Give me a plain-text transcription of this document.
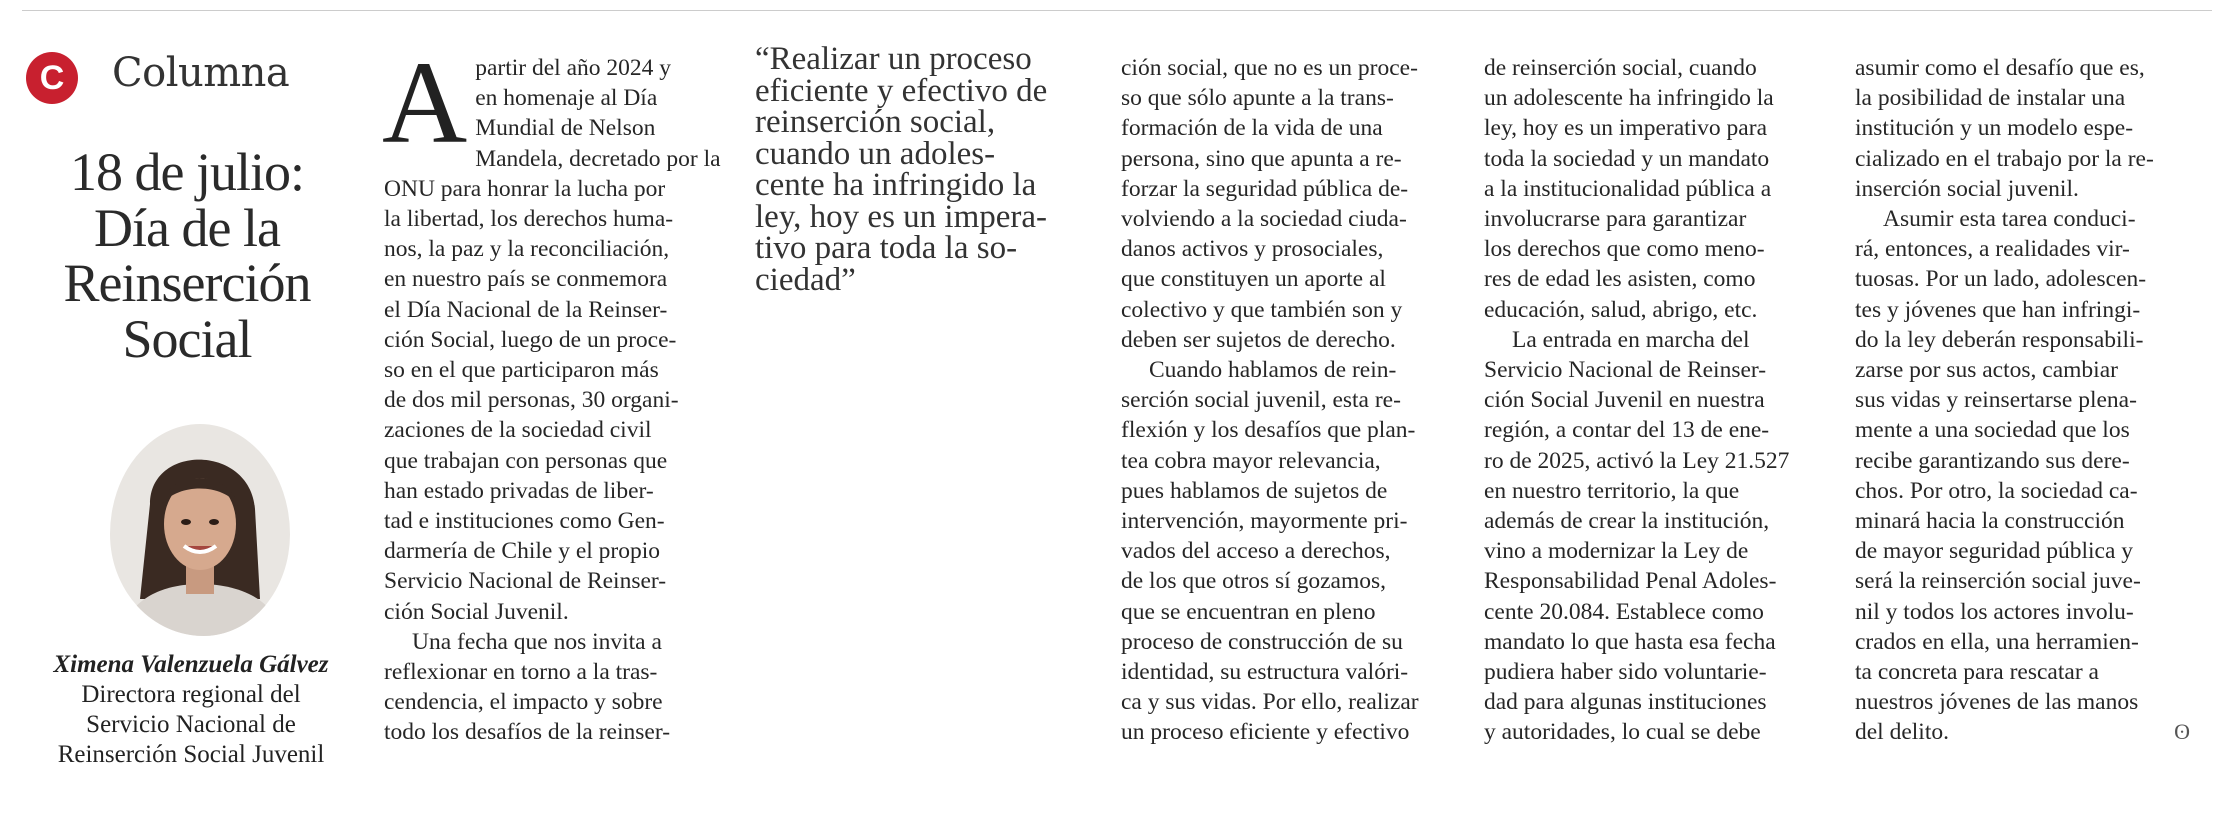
C	Columna
18 de julio:
Día de la
Reinserción
Social
Ximena Valenzuela Gálvez
Directora regional del
Servicio Nacional de
Reinserción Social Juvenil
A partir del año 2024 y
en homenaje al Día
Mundial de Nelson
Mandela, decretado por la
ONU para honrar la lucha por
la libertad, los derechos huma-
nos, la paz y la reconciliación,
en nuestro país se conmemora
el Día Nacional de la Reinser-
ción Social, luego de un proce-
so en el que participaron más
de dos mil personas, 30 organi-
zaciones de la sociedad civil
que trabajan con personas que
han estado privadas de liber-
tad e instituciones como Gen-
darmería de Chile y el propio
Servicio Nacional de Reinser-
ción Social Juvenil.

Una fecha que nos invita a
reflexionar en torno a la tras-
cendencia, el impacto y sobre
todo los desafíos de la reinser-

“Realizar un proceso
eficiente y efectivo de
reinserción social,
cuando un adoles-
cente ha infringido la
ley, hoy es un impera-
tivo para toda la so-
ciedad”

ción social, que no es un proce-
so que sólo apunte a la trans-
formación de la vida de una
persona, sino que apunta a re-
forzar la seguridad pública de-
volviendo a la sociedad ciuda-
danos activos y prosociales,
que constituyen un aporte al
colectivo y que también son y
deben ser sujetos de derecho.

Cuando hablamos de rein-
serción social juvenil, esta re-
flexión y los desafíos que plan-
tea cobra mayor relevancia,
pues hablamos de sujetos de
intervención, mayormente pri-
vados del acceso a derechos,
de los que otros sí gozamos,
que se encuentran en pleno
proceso de construcción de su
identidad, su estructura valóri-
ca y sus vidas. Por ello, realizar
un proceso eficiente y efectivo

de reinserción social, cuando
un adolescente ha infringido la
ley, hoy es un imperativo para
toda la sociedad y un mandato
a la institucionalidad pública a
involucrarse para garantizar
los derechos que como meno-
res de edad les asisten, como
educación, salud, abrigo, etc.

La entrada en marcha del
Servicio Nacional de Reinser-
ción Social Juvenil en nuestra
región, a contar del 13 de ene-
ro de 2025, activó la Ley 21.527
en nuestro territorio, la que
además de crear la institución,
vino a modernizar la Ley de
Responsabilidad Penal Adoles-
cente 20.084. Establece como
mandato lo que hasta esa fecha
pudiera haber sido voluntarie-
dad para algunas instituciones
y autoridades, lo cual se debe

asumir como el desafío que es,
la posibilidad de instalar una
institución y un modelo espe-
cializado en el trabajo por la re-
inserción social juvenil.

Asumir esta tarea conduci-
rá, entonces, a realidades vir-
tuosas. Por un lado, adolescen-
tes y jóvenes que han infringi-
do la ley deberán responsabili-
zarse por sus actos, cambiar
sus vidas y reinsertarse plena-
mente a una sociedad que los
recibe garantizando sus dere-
chos. Por otro, la sociedad ca-
minará hacia la construcción
de mayor seguridad pública y
será la reinserción social juve-
nil y todos los actores involu-
crados en ella, una herramien-
ta concreta para rescatar a
nuestros jóvenes de las manos
del delito.	ʘ
